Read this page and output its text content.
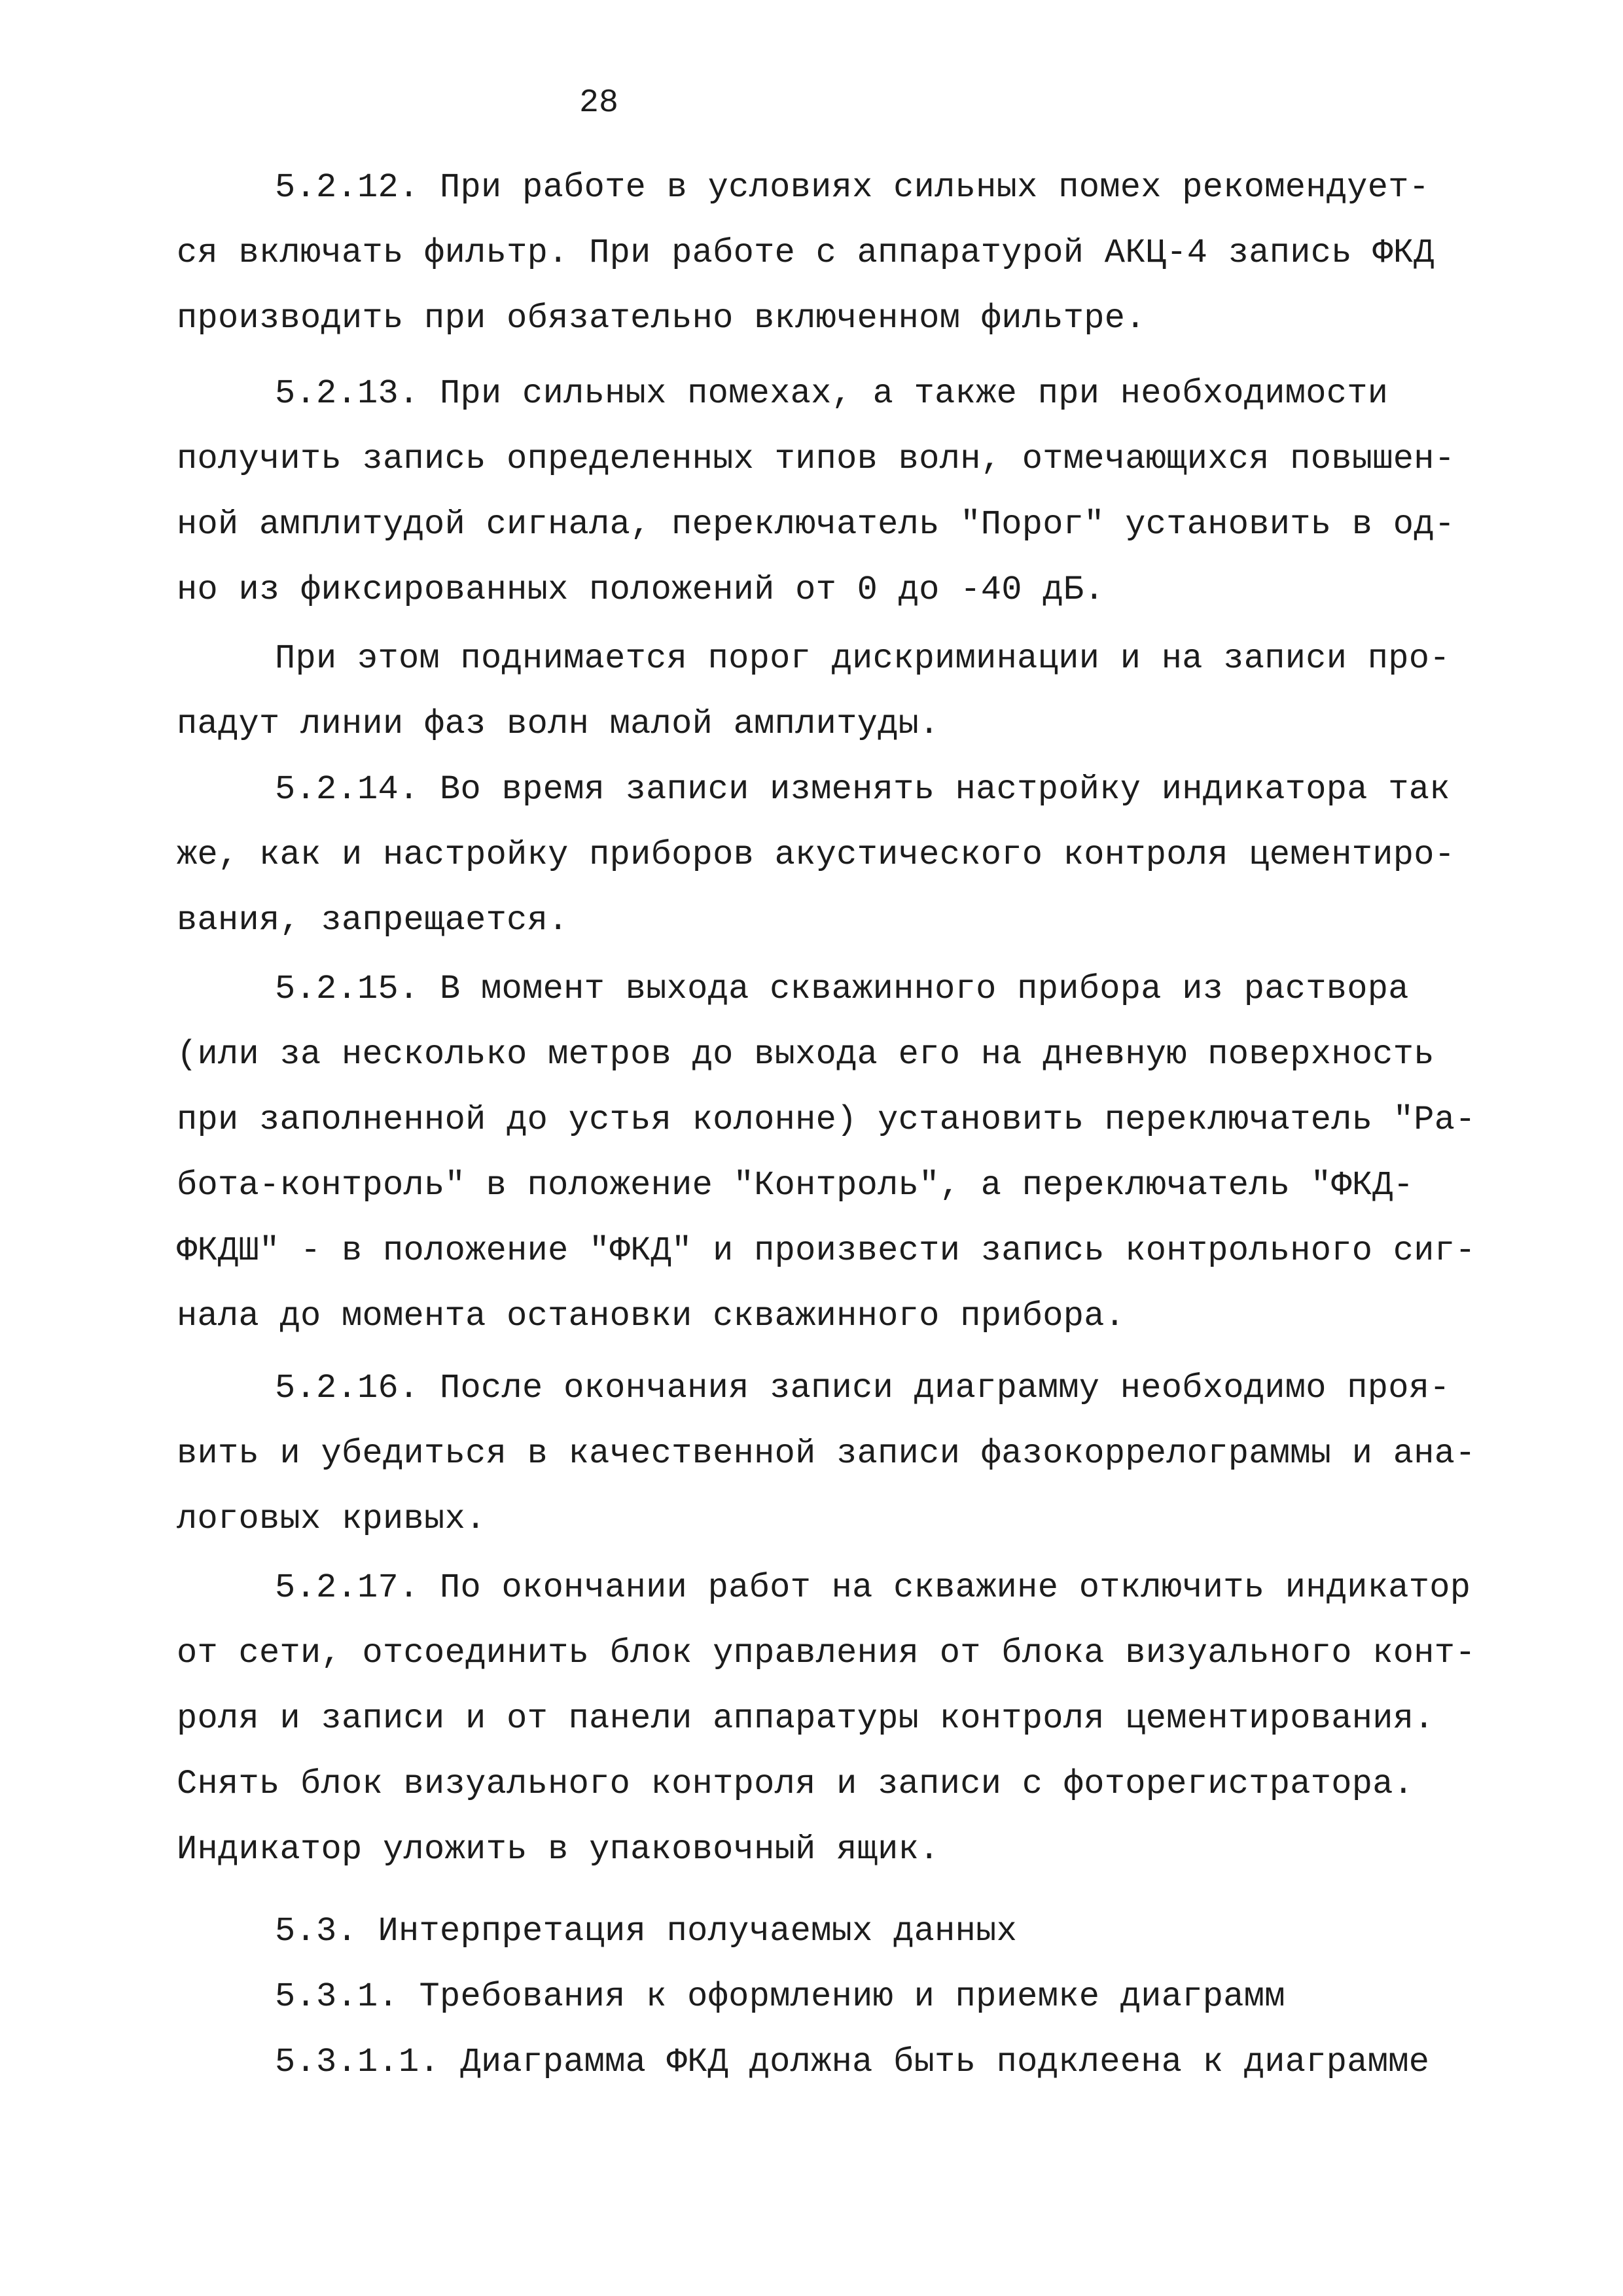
28
5.2.12. При работе в условиях сильных помех рекомендует-
ся включать фильтр. При работе с аппаратурой АКЦ-4 запись ФКД
производить при обязательно включенном фильтре.
5.2.13. При сильных помехах, а также при необходимости
получить запись определенных типов волн, отмечающихся повышен-
ной амплитудой сигнала, переключатель "Порог" установить в од-
но из фиксированных положений от 0 до -40 дБ.
При этом поднимается порог дискриминации и на записи про-
падут линии фаз волн малой амплитуды.
5.2.14. Во время записи изменять настройку индикатора так
же, как и настройку приборов акустического контроля цементиро-
вания, запрещается.
5.2.15. В момент выхода скважинного прибора из раствора
(или за несколько метров до выхода его на дневную поверхность
при заполненной до устья колонне) установить переключатель "Ра-
бота-контроль" в положение "Контроль", а переключатель "ФКД-
ФКДШ" - в положение "ФКД" и произвести запись контрольного сиг-
нала до момента остановки скважинного прибора.
5.2.16. После окончания записи диаграмму необходимо проя-
вить и убедиться в качественной записи фазокоррелограммы и ана-
логовых кривых.
5.2.17. По окончании работ на скважине отключить индикатор
от сети, отсоединить блок управления от блока визуального конт-
роля и записи и от панели аппаратуры контроля цементирования.
Снять блок визуального контроля и записи с фоторегистратора.
Индикатор уложить в упаковочный ящик.
5.3. Интерпретация получаемых данных
5.3.1. Требования к оформлению и приемке диаграмм
5.3.1.1. Диаграмма ФКД должна быть подклеена к диаграмме
